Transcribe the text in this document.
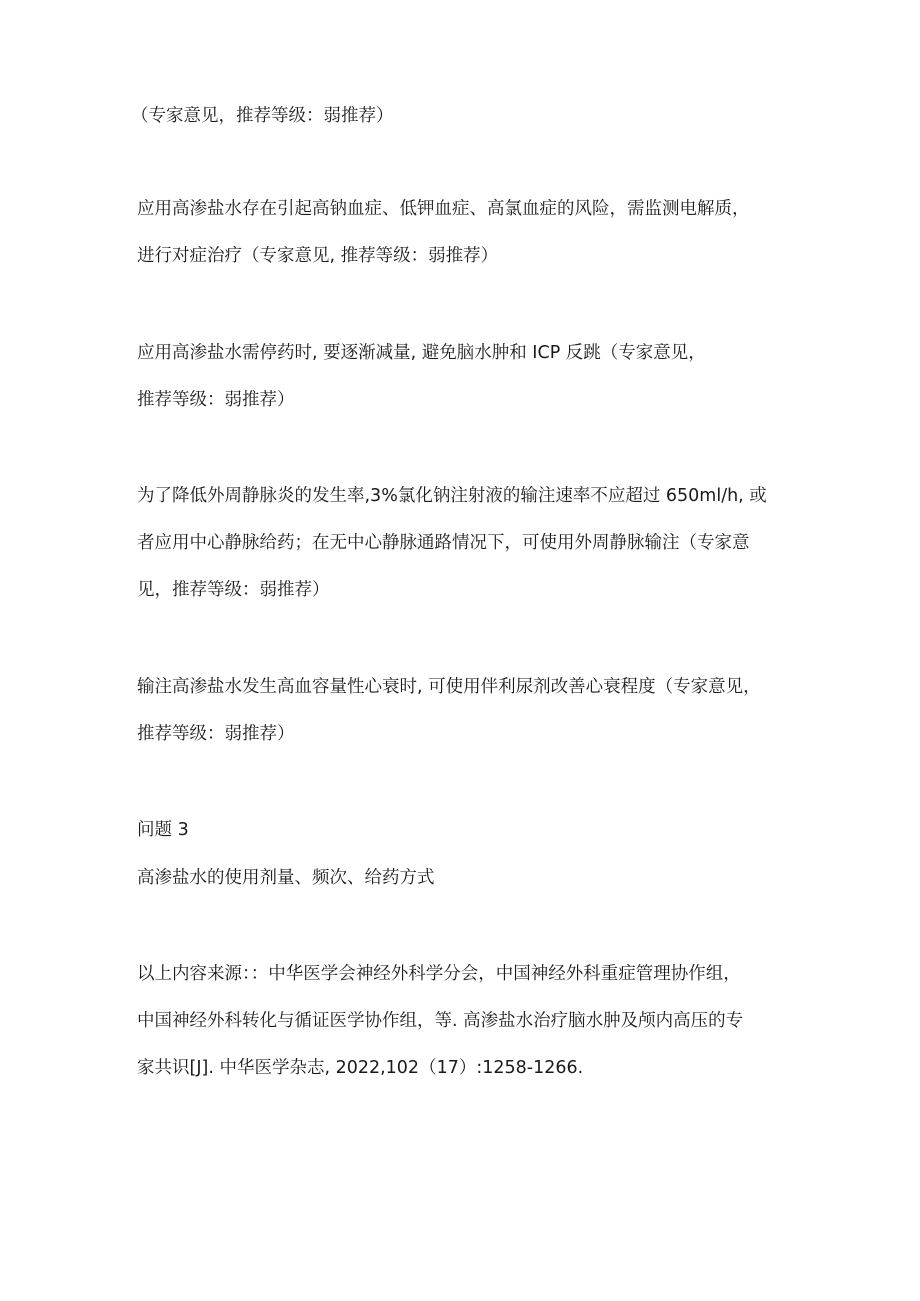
（专家意见，推荐等级：弱推荐）
应用高渗盐水存在引起高钠血症、低钾血症、高氯血症的风险，需监测电解质，
进行对症治疗（专家意见, 推荐等级：弱推荐）
应用高渗盐水需停药时, 要逐渐减量, 避免脑水肿和 ICP 反跳（专家意见，
推荐等级：弱推荐）
为了降低外周静脉炎的发生率,3%氯化钠注射液的输注速率不应超过 650ml/h, 或
者应用中心静脉给药；在无中心静脉通路情况下，可使用外周静脉输注（专家意
见，推荐等级：弱推荐）
输注高渗盐水发生高血容量性心衰时, 可使用伴利尿剂改善心衰程度（专家意见，
推荐等级：弱推荐）
问题 3
高渗盐水的使用剂量、频次、给药方式
以上内容来源：：中华医学会神经外科学分会，中国神经外科重症管理协作组，
中国神经外科转化与循证医学协作组，等. 高渗盐水治疗脑水肿及颅内高压的专
家共识[J]. 中华医学杂志, 2022,102（17）:1258-1266.
